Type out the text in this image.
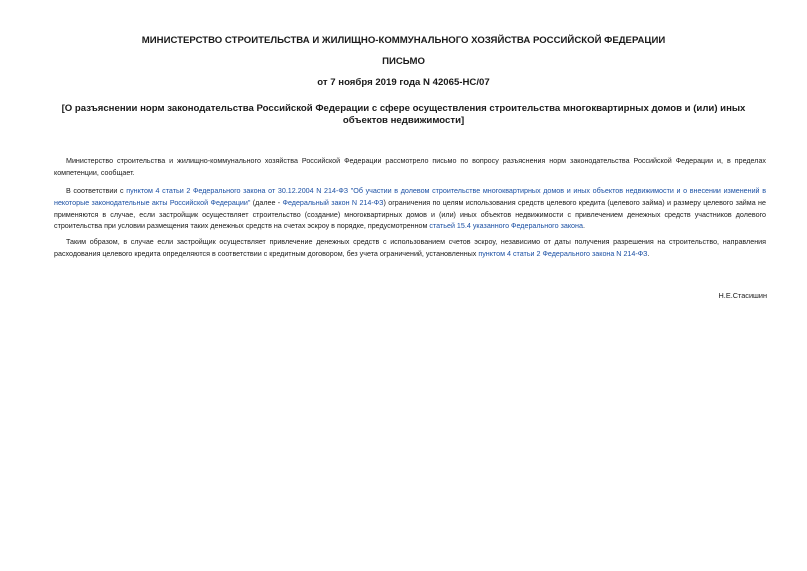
МИНИСТЕРСТВО СТРОИТЕЛЬСТВА И ЖИЛИЩНО-КОММУНАЛЬНОГО ХОЗЯЙСТВА РОССИЙСКОЙ ФЕДЕРАЦИИ
ПИСЬМО
от 7 ноября 2019 года N 42065-НС/07
[О разъяснении норм законодательства Российской Федерации с сфере осуществления строительства многоквартирных домов и (или) иных объектов недвижимости]

Министерство строительства и жилищно-коммунального хозяйства Российской Федерации рассмотрело письмо по вопросу разъяснения норм законодательства Российской Федерации и, в пределах компетенции, сообщает.

В соответствии с пунктом 4 статьи 2 Федерального закона от 30.12.2004 N 214-ФЗ "Об участии в долевом строительстве многоквартирных домов и иных объектов недвижимости и о внесении изменений в некоторые законодательные акты Российской Федерации" (далее - Федеральный закон N 214-ФЗ) ограничения по целям использования средств целевого кредита (целевого займа) и размеру целевого займа не применяются в случае, если застройщик осуществляет строительство (создание) многоквартирных домов и (или) иных объектов недвижимости с привлечением денежных средств участников долевого строительства при условии размещения таких денежных средств на счетах эскроу в порядке, предусмотренном статьей 15.4 указанного Федерального закона.

Таким образом, в случае если застройщик осуществляет привлечение денежных средств с использованием счетов эскроу, независимо от даты получения разрешения на строительство, направления расходования целевого кредита определяются в соответствии с кредитным договором, без учета ограничений, установленных пунктом 4 статьи 2 Федерального закона N 214-ФЗ.

Н.Е.Стасишин
